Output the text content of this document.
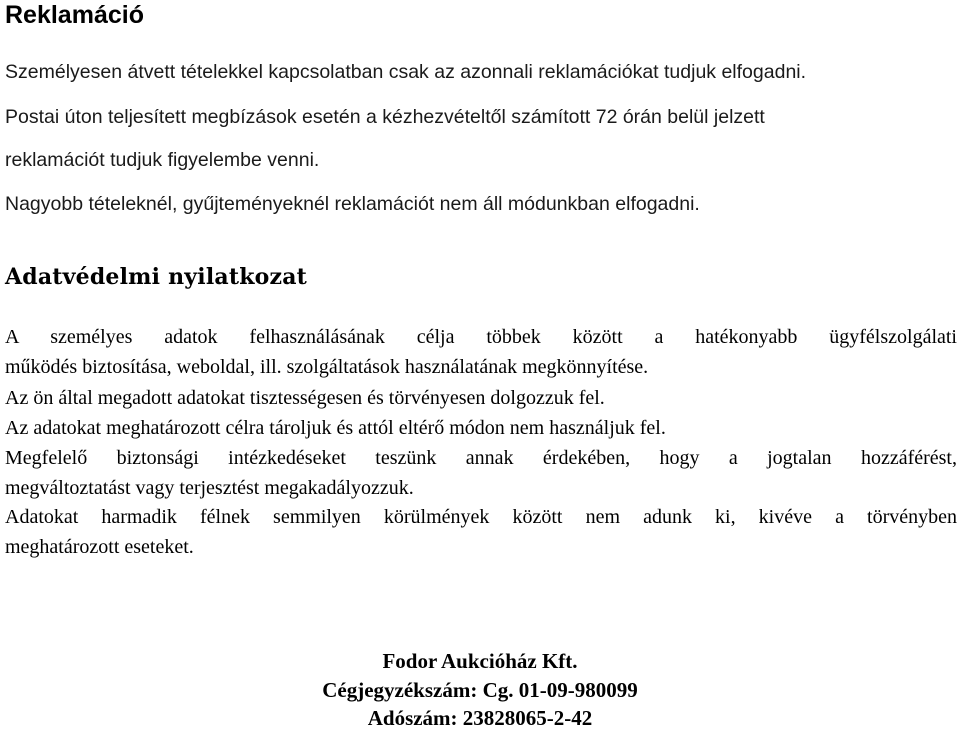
Reklamáció

Személyesen átvett tételekkel kapcsolatban csak az azonnali reklamációkat tudjuk elfogadni.

Postai úton teljesített megbízások esetén a kézhezvételtől számított 72 órán belül jelzett

reklamációt tudjuk figyelembe venni.

Nagyobb tételeknél, gyűjteményeknél reklamációt nem áll módunkban elfogadni.

Adatvédelmi nyilatkozat

A személyes adatok felhasználásának célja többek között a hatékonyabb ügyfélszolgálati

működés biztosítása, weboldal, ill. szolgáltatások használatának megkönnyítése.

Az ön által megadott adatokat tisztességesen és törvényesen dolgozzuk fel.

Az adatokat meghatározott célra tároljuk és attól eltérő módon nem használjuk fel.

Megfelelő biztonsági intézkedéseket teszünk annak érdekében, hogy a jogtalan hozzáférést,

megváltoztatást vagy terjesztést megakadályozzuk.

Adatokat harmadik félnek semmilyen körülmények között nem adunk ki, kivéve a törvényben

meghatározott eseteket.

Fodor Aukcióház Kft.

Cégjegyzékszám: Cg. 01-09-980099

Adószám: 23828065-2-42
